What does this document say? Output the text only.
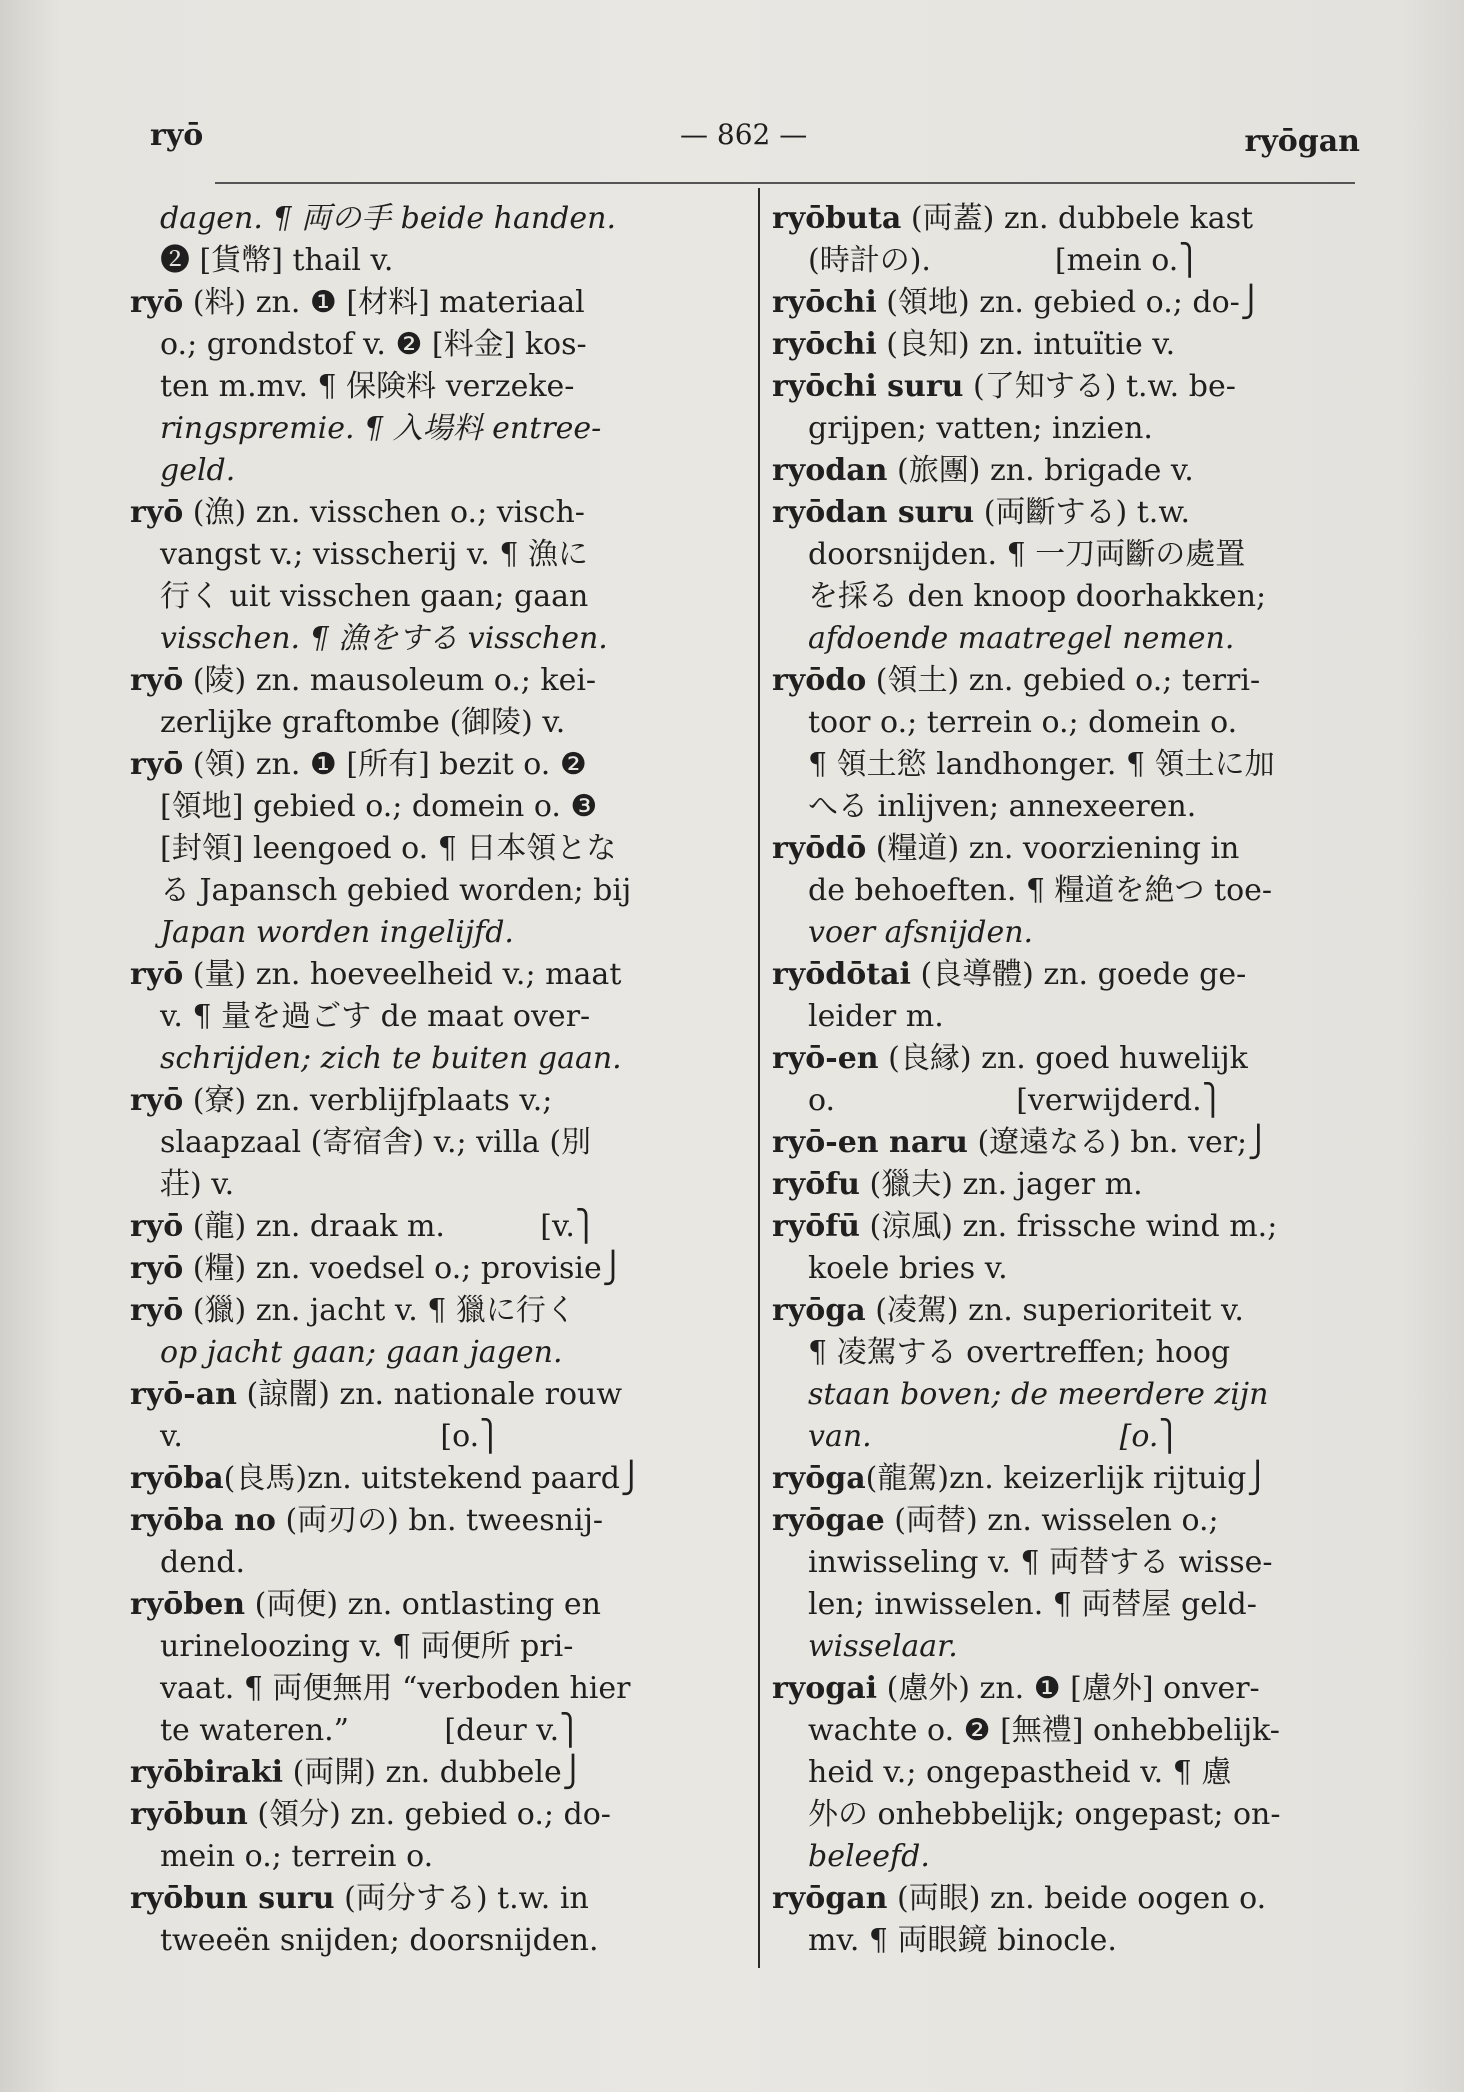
ryō	— 862 —	ryōgan
dagen. ¶ 両の手 beide handen.
❷ [貨幣] thail v.
ryō (料) zn. ❶ [材料] materiaal
o.; grondstof v. ❷ [料金] kos-
ten m.mv. ¶ 保険料 verzeke-
ringspremie. ¶ 入場料 entree-
geld.
ryō (漁) zn. visschen o.; visch-
vangst v.; visscherij v. ¶ 漁に
行く uit visschen gaan; gaan
visschen. ¶ 漁をする visschen.
ryō (陵) zn. mausoleum o.; kei-
zerlijke graftombe (御陵) v.
ryō (領) zn. ❶ [所有] bezit o. ❷
[領地] gebied o.; domein o. ❸
[封領] leengoed o. ¶ 日本領とな
る Japansch gebied worden; bij
Japan worden ingelijfd.
ryō (量) zn. hoeveelheid v.; maat
v. ¶ 量を過ごす de maat over-
schrijden; zich te buiten gaan.
ryō (寮) zn. verblijfplaats v.;
slaapzaal (寄宿舎) v.; villa (別
荘) v.
ryō (龍) zn. draak m.          [v.⎫
ryō (糧) zn. voedsel o.; provisie⎭
ryō (獵) zn. jacht v. ¶ 獵に行く
op jacht gaan; gaan jagen.
ryō-an (諒闇) zn. nationale rouw
v.                           [o.⎫
ryōba(良馬)zn. uitstekend paard⎭
ryōba no (両刃の) bn. tweesnij-
dend.
ryōben (両便) zn. ontlasting en
urineloozing v. ¶ 両便所 pri-
vaat. ¶ 両便無用 “verboden hier
te wateren.”          [deur v.⎫
ryōbiraki (両開) zn. dubbele⎭
ryōbun (領分) zn. gebied o.; do-
mein o.; terrein o.
ryōbun suru (両分する) t.w. in
tweeën snijden; doorsnijden.
ryōbuta (両蓋) zn. dubbele kast
(時計の).             [mein o.⎫
ryōchi (領地) zn. gebied o.; do-⎭
ryōchi (良知) zn. intuïtie v.
ryōchi suru (了知する) t.w. be-
grijpen; vatten; inzien.
ryodan (旅團) zn. brigade v.
ryōdan suru (両斷する) t.w.
doorsnijden. ¶ 一刀両斷の處置
を採る den knoop doorhakken;
afdoende maatregel nemen.
ryōdo (領土) zn. gebied o.; terri-
toor o.; terrein o.; domein o.
¶ 領土慾 landhonger. ¶ 領土に加
へる inlijven; annexeeren.
ryōdō (糧道) zn. voorziening in
de behoeften. ¶ 糧道を絶つ toe-
voer afsnijden.
ryōdōtai (良導體) zn. goede ge-
leider m.
ryō-en (良縁) zn. goed huwelijk
o.                   [verwijderd.⎫
ryō-en naru (遼遠なる) bn. ver;⎭
ryōfu (獵夫) zn. jager m.
ryōfū (涼風) zn. frissche wind m.;
koele bries v.
ryōga (凌駕) zn. superioriteit v.
¶ 凌駕する overtreffen; hoog
staan boven; de meerdere zijn
van.                          [o.⎫
ryōga(龍駕)zn. keizerlijk rijtuig⎭
ryōgae (両替) zn. wisselen o.;
inwisseling v. ¶ 両替する wisse-
len; inwisselen. ¶ 両替屋 geld-
wisselaar.
ryogai (慮外) zn. ❶ [慮外] onver-
wachte o. ❷ [無禮] onhebbelijk-
heid v.; ongepastheid v. ¶ 慮
外の onhebbelijk; ongepast; on-
beleefd.
ryōgan (両眼) zn. beide oogen o.
mv. ¶ 両眼鏡 binocle.
